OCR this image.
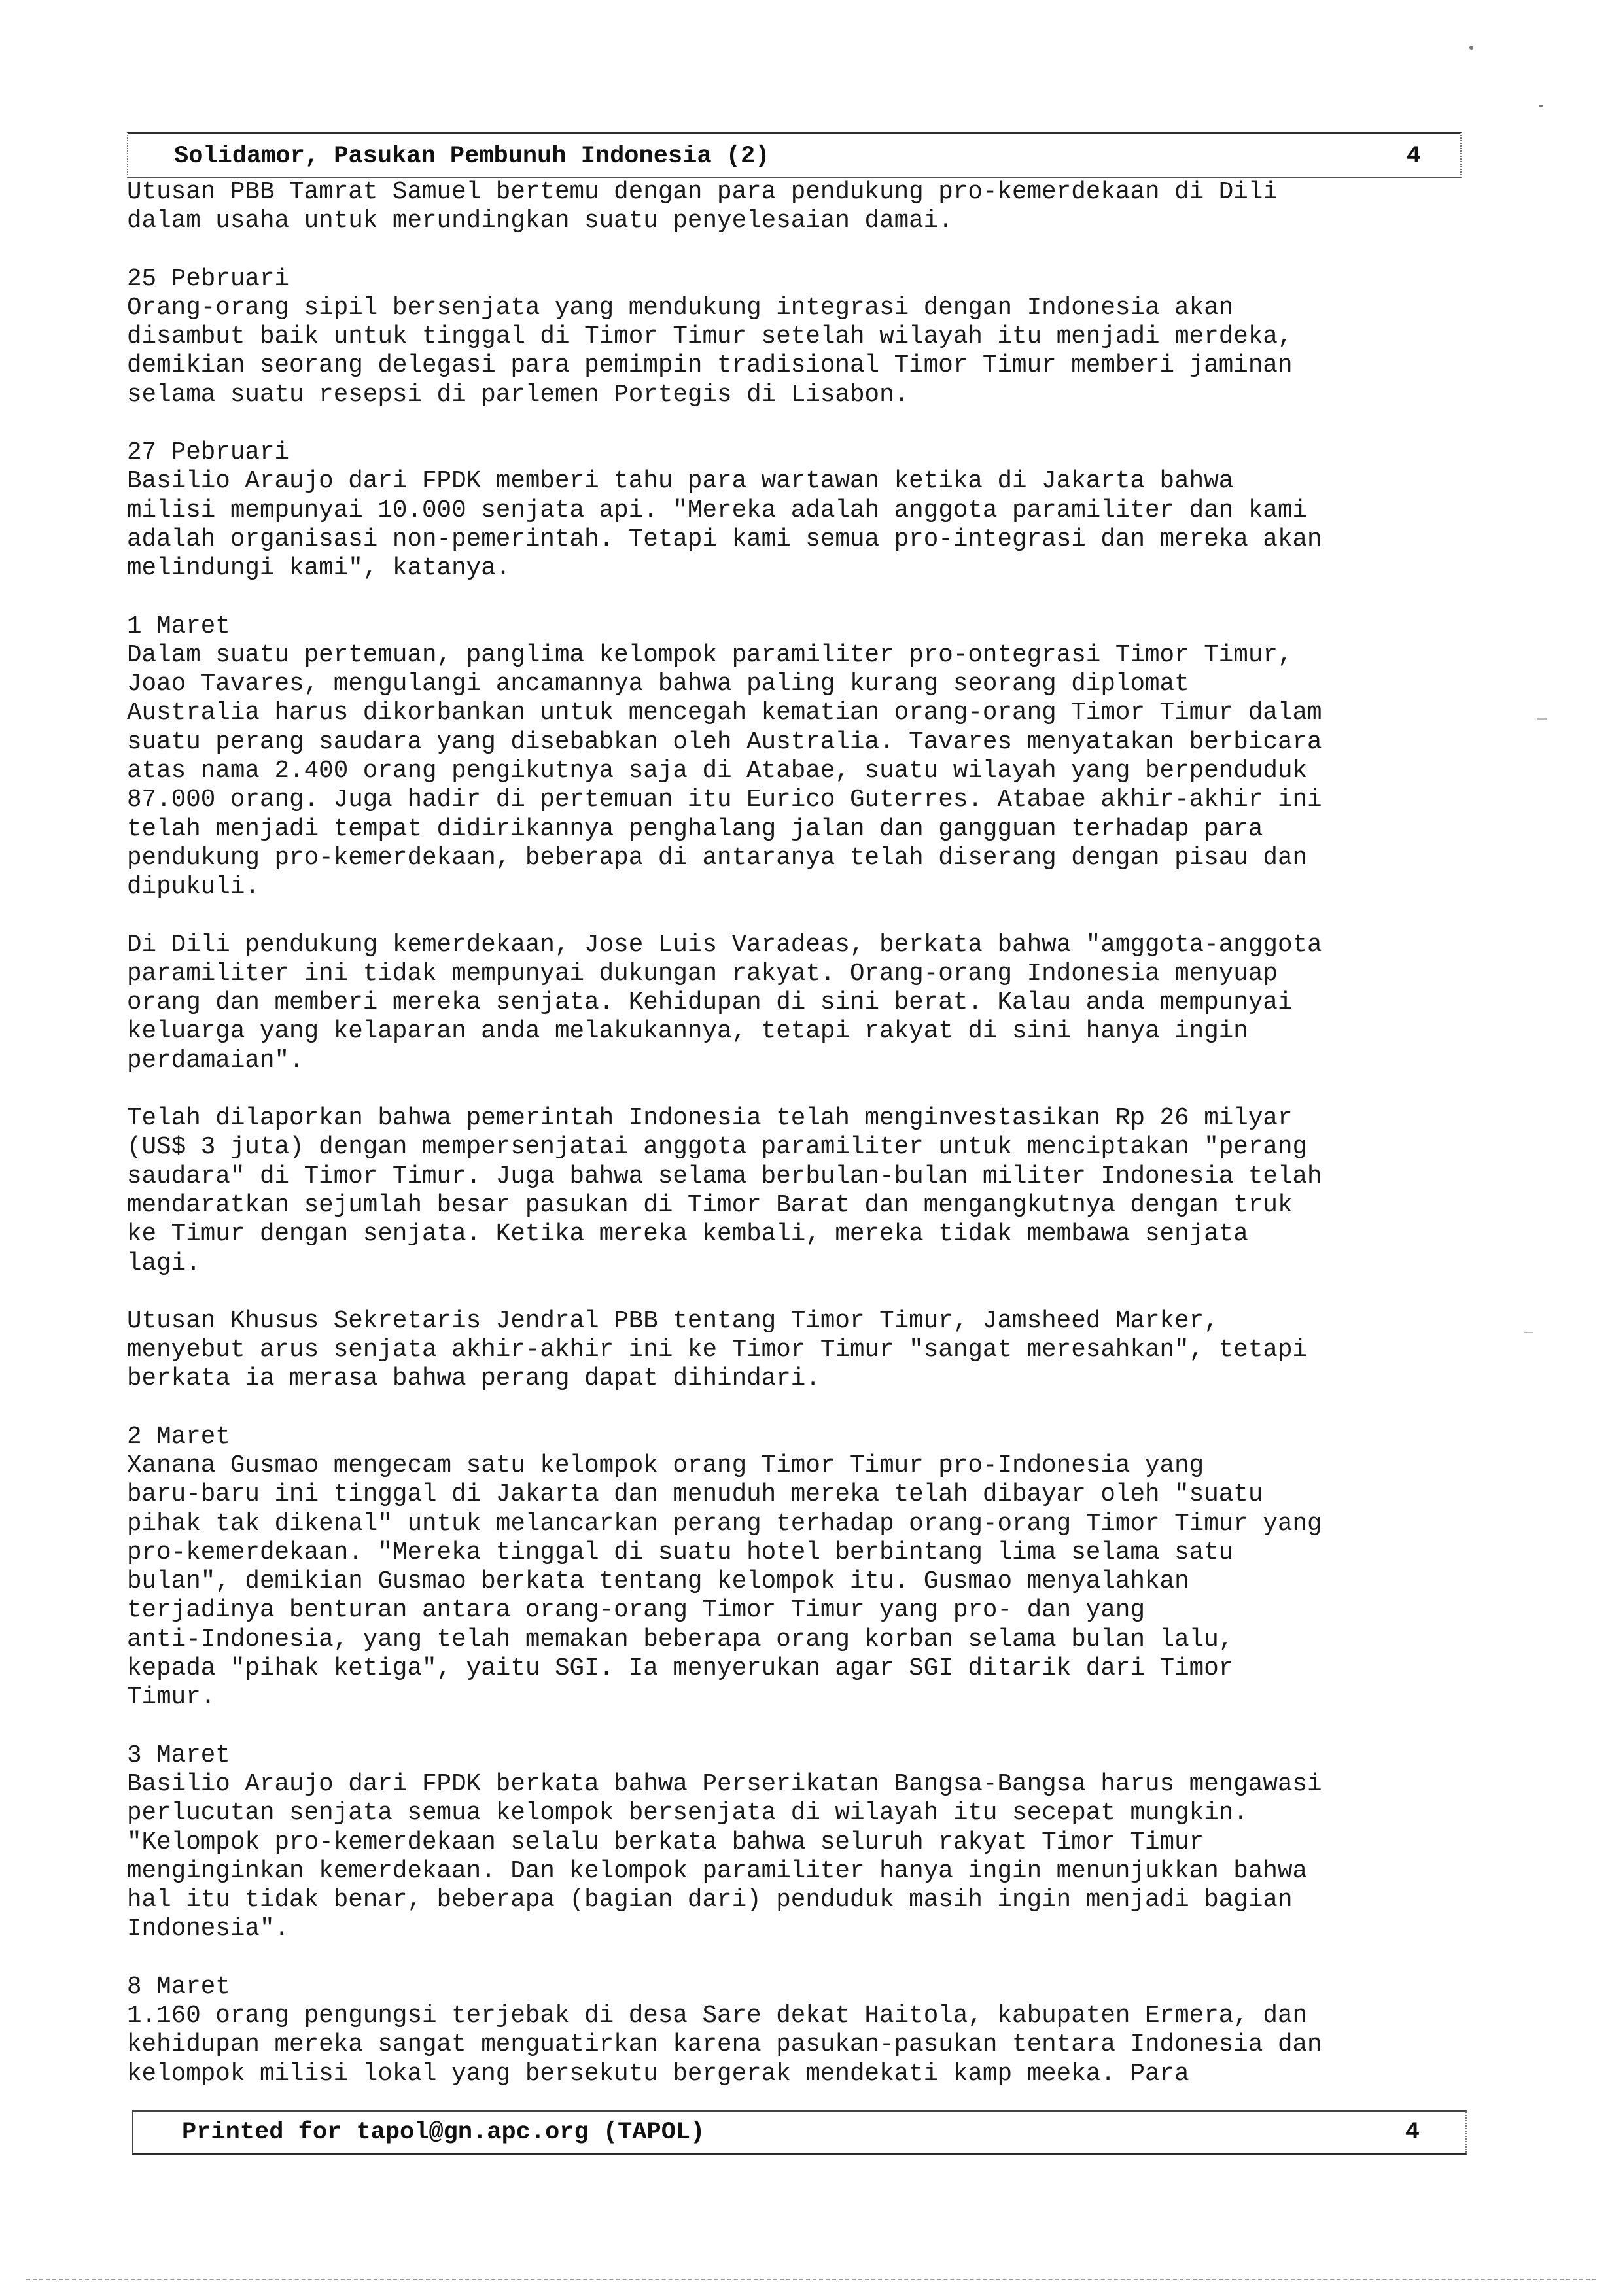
Solidamor, Pasukan Pembunuh Indonesia (2)	4

Utusan PBB Tamrat Samuel bertemu dengan para pendukung pro-kemerdekaan di Dili

dalam usaha untuk merundingkan suatu penyelesaian damai.

25 Pebruari

Orang-orang sipil bersenjata yang mendukung integrasi dengan Indonesia akan

disambut baik untuk tinggal di Timor Timur setelah wilayah itu menjadi merdeka,

demikian seorang delegasi para pemimpin tradisional Timor Timur memberi jaminan

selama suatu resepsi di parlemen Portegis di Lisabon.

27 Pebruari

Basilio Araujo dari FPDK memberi tahu para wartawan ketika di Jakarta bahwa

milisi mempunyai 10.000 senjata api. "Mereka adalah anggota paramiliter dan kami

adalah organisasi non-pemerintah. Tetapi kami semua pro-integrasi dan mereka akan

melindungi kami", katanya.

1 Maret

Dalam suatu pertemuan, panglima kelompok paramiliter pro-ontegrasi Timor Timur,

Joao Tavares, mengulangi ancamannya bahwa paling kurang seorang diplomat

Australia harus dikorbankan untuk mencegah kematian orang-orang Timor Timur dalam

suatu perang saudara yang disebabkan oleh Australia. Tavares menyatakan berbicara

atas nama 2.400 orang pengikutnya saja di Atabae, suatu wilayah yang berpenduduk

87.000 orang. Juga hadir di pertemuan itu Eurico Guterres. Atabae akhir-akhir ini

telah menjadi tempat didirikannya penghalang jalan dan gangguan terhadap para

pendukung pro-kemerdekaan, beberapa di antaranya telah diserang dengan pisau dan

dipukuli.

Di Dili pendukung kemerdekaan, Jose Luis Varadeas, berkata bahwa "amggota-anggota

paramiliter ini tidak mempunyai dukungan rakyat. Orang-orang Indonesia menyuap

orang dan memberi mereka senjata. Kehidupan di sini berat. Kalau anda mempunyai

keluarga yang kelaparan anda melakukannya, tetapi rakyat di sini hanya ingin

perdamaian".

Telah dilaporkan bahwa pemerintah Indonesia telah menginvestasikan Rp 26 milyar

(US$ 3 juta) dengan mempersenjatai anggota paramiliter untuk menciptakan "perang

saudara" di Timor Timur. Juga bahwa selama berbulan-bulan militer Indonesia telah

mendaratkan sejumlah besar pasukan di Timor Barat dan mengangkutnya dengan truk

ke Timur dengan senjata. Ketika mereka kembali, mereka tidak membawa senjata

lagi.

Utusan Khusus Sekretaris Jendral PBB tentang Timor Timur, Jamsheed Marker,

menyebut arus senjata akhir-akhir ini ke Timor Timur "sangat meresahkan", tetapi

berkata ia merasa bahwa perang dapat dihindari.

2 Maret

Xanana Gusmao mengecam satu kelompok orang Timor Timur pro-Indonesia yang

baru-baru ini tinggal di Jakarta dan menuduh mereka telah dibayar oleh "suatu

pihak tak dikenal" untuk melancarkan perang terhadap orang-orang Timor Timur yang

pro-kemerdekaan. "Mereka tinggal di suatu hotel berbintang lima selama satu

bulan", demikian Gusmao berkata tentang kelompok itu. Gusmao menyalahkan

terjadinya benturan antara orang-orang Timor Timur yang pro- dan yang

anti-Indonesia, yang telah memakan beberapa orang korban selama bulan lalu,

kepada "pihak ketiga", yaitu SGI. Ia menyerukan agar SGI ditarik dari Timor

Timur.

3 Maret

Basilio Araujo dari FPDK berkata bahwa Perserikatan Bangsa-Bangsa harus mengawasi

perlucutan senjata semua kelompok bersenjata di wilayah itu secepat mungkin.

"Kelompok pro-kemerdekaan selalu berkata bahwa seluruh rakyat Timor Timur

menginginkan kemerdekaan. Dan kelompok paramiliter hanya ingin menunjukkan bahwa

hal itu tidak benar, beberapa (bagian dari) penduduk masih ingin menjadi bagian

Indonesia".

8 Maret

1.160 orang pengungsi terjebak di desa Sare dekat Haitola, kabupaten Ermera, dan

kehidupan mereka sangat menguatirkan karena pasukan-pasukan tentara Indonesia dan

kelompok milisi lokal yang bersekutu bergerak mendekati kamp meeka. Para

Printed for tapol@gn.apc.org (TAPOL)	4
